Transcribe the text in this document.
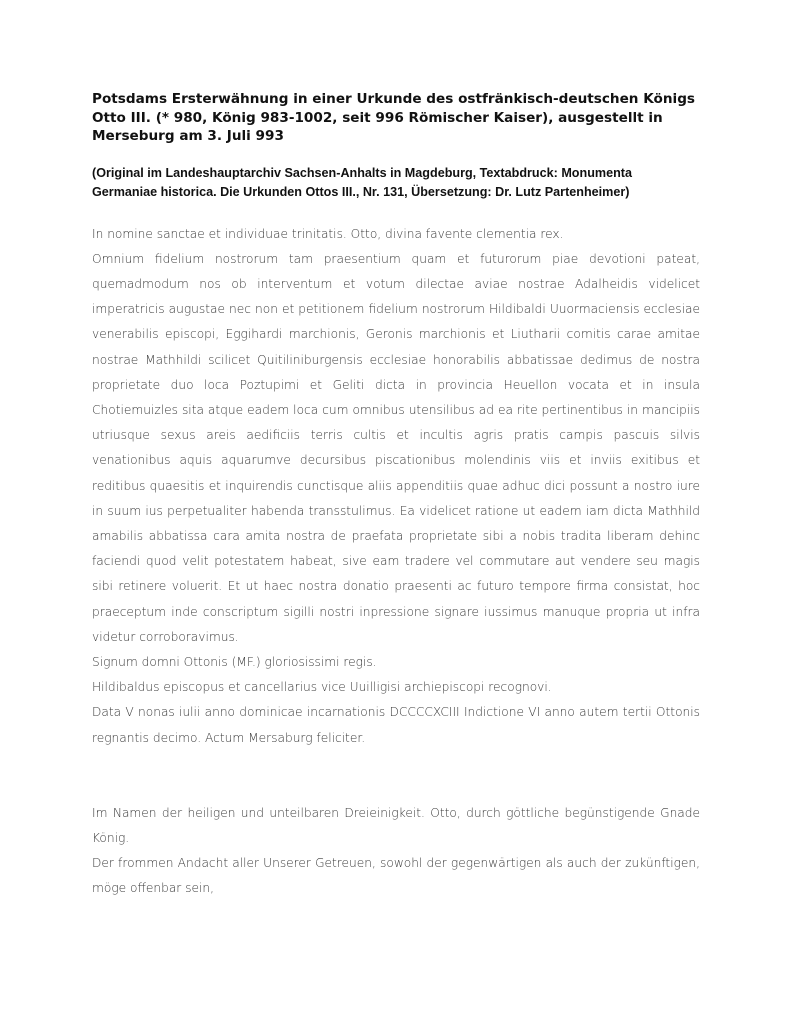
Potsdams Ersterwähnung in einer Urkunde des ostfränkisch-deutschen Königs Otto III. (* 980, König 983-1002, seit 996 Römischer Kaiser), ausgestellt in Merseburg am 3. Juli 993

(Original im Landeshauptarchiv Sachsen-Anhalts in Magdeburg, Textabdruck: Monumenta Germaniae historica. Die Urkunden Ottos III., Nr. 131, Übersetzung: Dr. Lutz Partenheimer)

In nomine sanctae et individuae trinitatis. Otto, divina favente clementia rex.

Omnium fidelium nostrorum tam praesentium quam et futurorum piae devotioni pateat, quemadmodum nos ob interventum et votum dilectae aviae nostrae Adalheidis videlicet imperatricis augustae nec non et petitionem fidelium nostrorum Hildibaldi Uuormaciensis ecclesiae venerabilis episcopi, Eggihardi marchionis, Geronis marchionis et Liutharii comitis carae amitae nostrae Mathhildi scilicet Quitiliniburgensis ecclesiae honorabilis abbatissae dedimus de nostra proprietate duo loca Poztupimi et Geliti dicta in provincia Heuellon vocata et in insula Chotiemuizles sita atque eadem loca cum omnibus utensilibus ad ea rite pertinentibus in mancipiis utriusque sexus areis aedificiis terris cultis et incultis agris pratis campis pascuis silvis venationibus aquis aquarumve decursibus piscationibus molendinis viis et inviis exitibus et reditibus quaesitis et inquirendis cunctisque aliis appenditiis quae adhuc dici possunt a nostro iure in suum ius perpetualiter habenda transstulimus. Ea videlicet ratione ut eadem iam dicta Mathhild amabilis abbatissa cara amita nostra de praefata proprietate sibi a nobis tradita liberam dehinc faciendi quod velit potestatem habeat, sive eam tradere vel commutare aut vendere seu magis sibi retinere voluerit. Et ut haec nostra donatio praesenti ac futuro tempore firma consistat, hoc praeceptum inde conscriptum sigilli nostri inpressione signare iussimus manuque propria ut infra videtur corroboravimus.

Signum domni Ottonis (MF.) gloriosissimi regis.

Hildibaldus episcopus et cancellarius vice Uuilligisi archiepiscopi recognovi.

Data V nonas iulii anno dominicae incarnationis DCCCCXCIII Indictione VI anno autem tertii Ottonis regnantis decimo. Actum Mersaburg feliciter.

Im Namen der heiligen und unteilbaren Dreieinigkeit. Otto, durch göttliche begünstigende Gnade König.

Der frommen Andacht aller Unserer Getreuen, sowohl der gegenwärtigen als auch der zukünftigen, möge offenbar sein,
